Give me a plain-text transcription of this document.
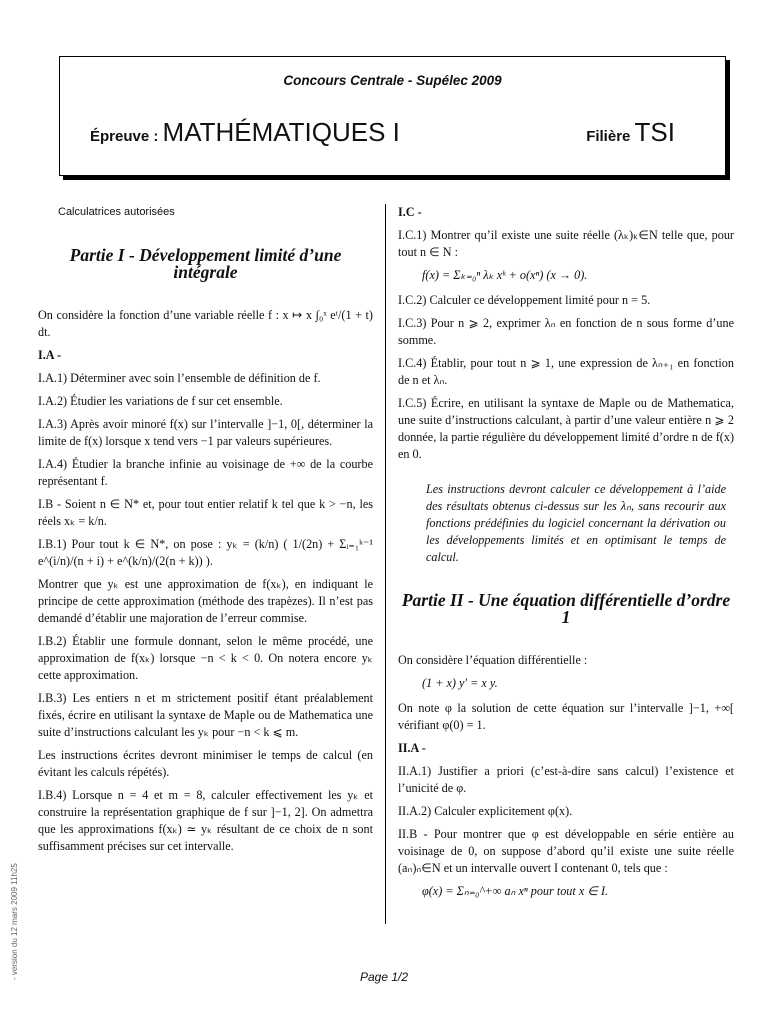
Concours Centrale - Supélec 2009
Épreuve : MATHÉMATIQUES I	Filière TSI

Calculatrices autorisées

Partie I - Développement limité d’une intégrale

On considère la fonction d’une variable réelle f : x ↦ x ∫₀ˣ eᵗ/(1 + t) dt.

I.A -

I.A.1) Déterminer avec soin l’ensemble de définition de f.

I.A.2) Étudier les variations de f sur cet ensemble.

I.A.3) Après avoir minoré f(x) sur l’intervalle ]−1, 0[, déterminer la limite de f(x) lorsque x tend vers −1 par valeurs supérieures.

I.A.4) Étudier la branche infinie au voisinage de +∞ de la courbe représentant f.

I.B - Soient n ∈ N* et, pour tout entier relatif k tel que k > −n, les réels xₖ = k/n.

I.B.1) Pour tout k ∈ N*, on pose : yₖ = (k/n) ( 1/(2n) + Σᵢ₌₁ᵏ⁻¹ e^(i/n)/(n + i) + e^(k/n)/(2(n + k)) ).

Montrer que yₖ est une approximation de f(xₖ), en indiquant le principe de cette approximation (méthode des trapèzes). Il n’est pas demandé d’établir une majoration de l’erreur commise.

I.B.2) Établir une formule donnant, selon le même procédé, une approximation de f(xₖ) lorsque −n < k < 0. On notera encore yₖ cette approximation.

I.B.3) Les entiers n et m strictement positif étant préalablement fixés, écrire en utilisant la syntaxe de Maple ou de Mathematica une suite d’instructions calculant les yₖ pour −n < k ⩽ m.

Les instructions écrites devront minimiser le temps de calcul (en évitant les calculs répétés).

I.B.4) Lorsque n = 4 et m = 8, calculer effectivement les yₖ et construire la représentation graphique de f sur ]−1, 2]. On admettra que les approximations f(xₖ) ≃ yₖ résultant de ce choix de n sont suffisamment précises sur cet intervalle.

I.C -

I.C.1) Montrer qu’il existe une suite réelle (λₖ)ₖ∈N telle que, pour tout n ∈ N :

f(x) = Σₖ₌₀ⁿ λₖ xᵏ + o(xⁿ) (x → 0).

I.C.2) Calculer ce développement limité pour n = 5.

I.C.3) Pour n ⩾ 2, exprimer λₙ en fonction de n sous forme d’une somme.

I.C.4) Établir, pour tout n ⩾ 1, une expression de λₙ₊₁ en fonction de n et λₙ.

I.C.5) Écrire, en utilisant la syntaxe de Maple ou de Mathematica, une suite d’instructions calculant, à partir d’une valeur entière n ⩾ 2 donnée, la partie régulière du développement limité d’ordre n de f(x) en 0.

Les instructions devront calculer ce développement à l’aide des résultats obtenus ci-dessus sur les λₙ, sans recourir aux fonctions prédéfinies du logiciel concernant la dérivation ou les développements limités et en optimisant le temps de calcul.

Partie II - Une équation différentielle d’ordre 1

On considère l’équation différentielle :

(1 + x) y′ = x y.

On note φ la solution de cette équation sur l’intervalle ]−1, +∞[ vérifiant φ(0) = 1.

II.A -

II.A.1) Justifier a priori (c’est-à-dire sans calcul) l’existence et l’unicité de φ.

II.A.2) Calculer explicitement φ(x).

II.B - Pour montrer que φ est développable en série entière au voisinage de 0, on suppose d’abord qu’il existe une suite réelle (aₙ)ₙ∈N et un intervalle ouvert I contenant 0, tels que :

φ(x) = Σₙ₌₀^+∞ aₙ xⁿ pour tout x ∈ I.

- version du 12 mars 2009 11h25	Page 1/2
